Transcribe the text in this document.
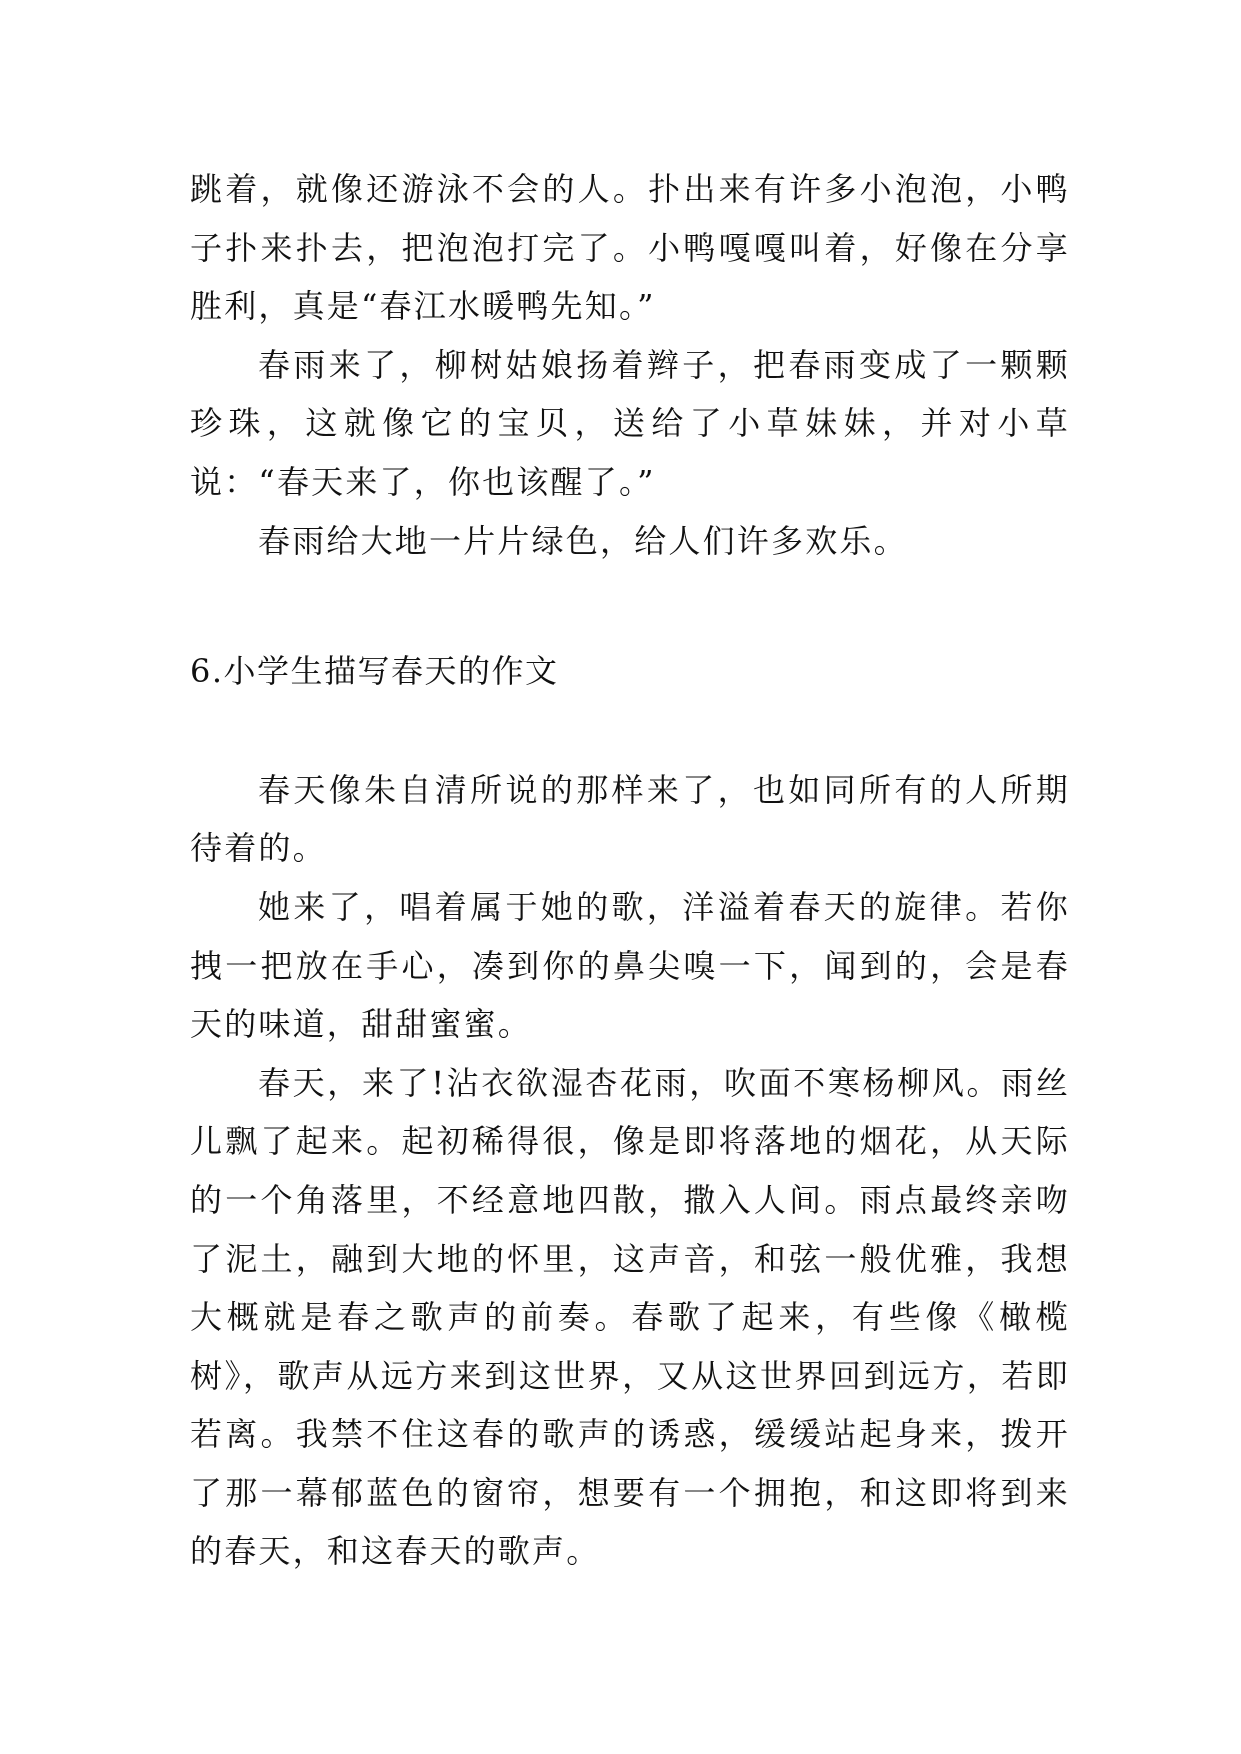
跳着，就像还游泳不会的人。扑出来有许多小泡泡，小鸭子扑来扑去，把泡泡打完了。小鸭嘎嘎叫着，好像在分享胜利，真是“春江水暖鸭先知。”

春雨来了，柳树姑娘扬着辫子，把春雨变成了一颗颗珍珠，这就像它的宝贝，送给了小草妹妹，并对小草说：“春天来了，你也该醒了。”

春雨给大地一片片绿色，给人们许多欢乐。

6.小学生描写春天的作文

春天像朱自清所说的那样来了，也如同所有的人所期待着的。

她来了，唱着属于她的歌，洋溢着春天的旋律。若你拽一把放在手心，凑到你的鼻尖嗅一下，闻到的，会是春天的味道，甜甜蜜蜜。

春天，来了!沾衣欲湿杏花雨，吹面不寒杨柳风。雨丝儿飘了起来。起初稀得很，像是即将落地的烟花，从天际的一个角落里，不经意地四散，撒入人间。雨点最终亲吻了泥土，融到大地的怀里，这声音，和弦一般优雅，我想大概就是春之歌声的前奏。春歌了起来，有些像《橄榄树》，歌声从远方来到这世界，又从这世界回到远方，若即若离。我禁不住这春的歌声的诱惑，缓缓站起身来，拨开了那一幕郁蓝色的窗帘，想要有一个拥抱，和这即将到来的春天，和这春天的歌声。
